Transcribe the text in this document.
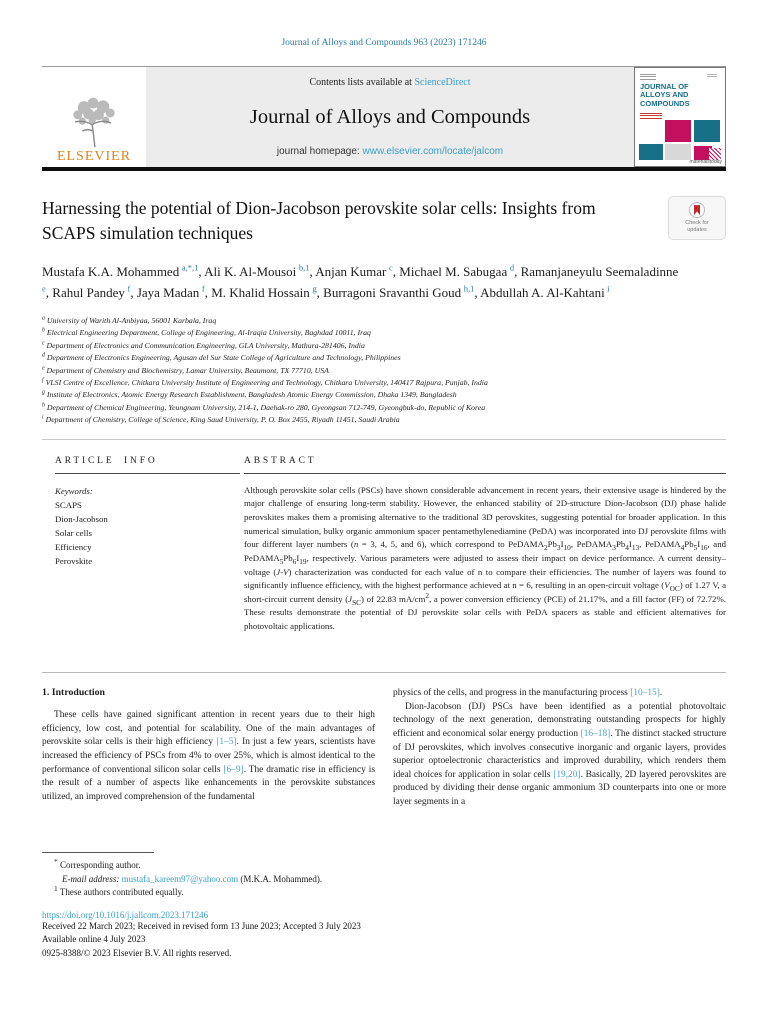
Journal of Alloys and Compounds 963 (2023) 171246
ELSEVIER
Contents lists available at ScienceDirect
Journal of Alloys and Compounds
journal homepage: www.elsevier.com/locate/jalcom
JOURNAL OF
ALLOYS AND
COMPOUNDS
materialstoday
Check for
updates
Harnessing the potential of Dion-Jacobson perovskite solar cells: Insights from SCAPS simulation techniques
Mustafa K.A. Mohammed $^{a,*,1}$, Ali K. Al-Mousoi $^{b,1}$, Anjan Kumar $^c$, Michael M. Sabugaa $^d$, Ramanjaneyulu Seemaladinne $^e$, Rahul Pandey $^f$, Jaya Madan $^f$, M. Khalid Hossain $^g$, Burragoni Sravanthi Goud $^{h,1}$, Abdullah A. Al-Kahtani $^i$
$^a$ University of Warith Al-Anbiyaa, 56001 Karbala, Iraq
$^b$ Electrical Engineering Department, College of Engineering, Al-Iraqia University, Baghdad 10011, Iraq
$^c$ Department of Electronics and Communication Engineering, GLA University, Mathura-281406, India
$^d$ Department of Electronics Engineering, Agusan del Sur State College of Agriculture and Technology, Philippines
$^e$ Department of Chemistry and Biochemistry, Lamar University, Beaumont, TX 77710, USA
$^f$ VLSI Centre of Excellence, Chitkara University Institute of Engineering and Technology, Chitkara University, 140417 Rajpura, Punjab, India
$^g$ Institute of Electronics, Atomic Energy Research Establishment, Bangladesh Atomic Energy Commission, Dhaka 1349, Bangladesh
$^h$ Department of Chemical Engineering, Yeungnam University, 214-1, Daehak-ro 280, Gyeongsan 712-749, Gyeongbuk-do, Republic of Korea
$^i$ Department of Chemistry, College of Science, King Saud University, P. O. Box 2455, Riyadh 11451, Saudi Arabia
ARTICLE INFO
Keywords:
SCAPS
Dion-Jacobson
Solar cells
Efficiency
Perovskite
ABSTRACT
Although perovskite solar cells (PSCs) have shown considerable advancement in recent years, their extensive usage is hindered by the major challenge of ensuring long-term stability. However, the enhanced stability of 2D-structure Dion-Jacobson (DJ) phase halide perovskites makes them a promising alternative to the traditional 3D perovskites, suggesting potential for broader application. In this numerical simulation, bulky organic ammonium spacer pentamethylenediamine (PeDA) was incorporated into DJ perovskite films with four different layer numbers (n = 3, 4, 5, and 6), which correspond to $PeDAMA_2Pb_3I_{10}$, $PeDAMA_3Pb_4I_{13}$, $PeDAMA_4Pb_5I_{16}$, and $PeDAMA_5Pb_6I_{19}$, respectively. Various parameters were adjusted to assess their impact on device performance. A current density–voltage (J-V) characterization was conducted for each value of n to compare their efficiencies. The number of layers was found to significantly influence efficiency, with the highest performance achieved at n = 6, resulting in an open-circuit voltage $(V_{OC})$ of 1.27 V, a short-circuit current density $(J_{SC})$ of 22.83 $mA/cm^2$, a power conversion efficiency (PCE) of 21.17%, and a fill factor (FF) of 72.72%. These results demonstrate the potential of DJ perovskite solar cells with PeDA spacers as stable and efficient alternatives for photovoltaic applications.
1. Introduction

These cells have gained significant attention in recent years due to their high efficiency, low cost, and potential for scalability. One of the main advantages of perovskite solar cells is their high efficiency [1–5]. In just a few years, scientists have increased the efficiency of PSCs from 4% to over 25%, which is almost identical to the performance of conventional silicon solar cells [6–9]. The dramatic rise in efficiency is the result of a number of aspects like enhancements in the perovskite substances utilized, an improved comprehension of the fundamental

physics of the cells, and progress in the manufacturing process [10–15].

Dion-Jacobson (DJ) PSCs have been identified as a potential photovoltaic technology of the next generation, demonstrating outstanding prospects for highly efficient and economical solar energy production [16–18]. The distinct stacked structure of DJ perovskites, which involves consecutive inorganic and organic layers, provides superior optoelectronic characteristics and improved durability, which renders them ideal choices for application in solar cells [19,20]. Basically, 2D layered perovskites are produced by dividing their dense organic ammonium 3D counterparts into one or more layer segments in a

* Corresponding author.
E-mail address: mustafa_kareem97@yahoo.com (M.K.A. Mohammed).
$^1$ These authors contributed equally.
https://doi.org/10.1016/j.jallcom.2023.171246
Received 22 March 2023; Received in revised form 13 June 2023; Accepted 3 July 2023
Available online 4 July 2023
0925-8388/© 2023 Elsevier B.V. All rights reserved.
